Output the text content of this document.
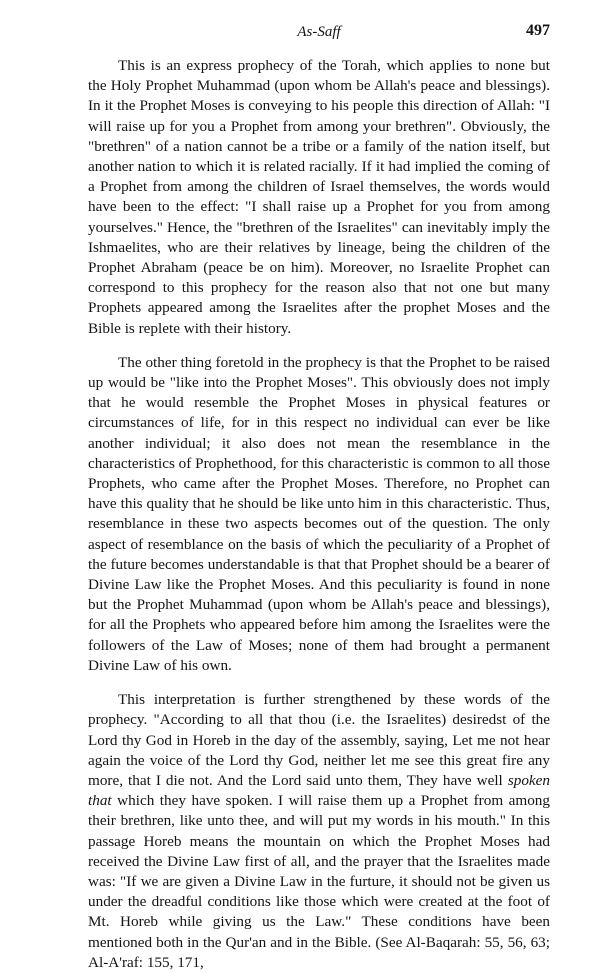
As-Saff	497

This is an express prophecy of the Torah, which applies to none but the Holy Prophet Muhammad (upon whom be Allah's peace and blessings). In it the Prophet Moses is conveying to his people this direction of Allah: "I will raise up for you a Prophet from among your brethren". Obviously, the "brethren" of a nation cannot be a tribe or a family of the nation itself, but another nation to which it is related racially. If it had implied the coming of a Prophet from among the children of Israel themselves, the words would have been to the effect: "I shall raise up a Prophet for you from among yourselves." Hence, the "brethren of the Israelites" can inevitably imply the Ishmaelites, who are their relatives by lineage, being the children of the Prophet Abraham (peace be on him). Moreover, no Israelite Prophet can correspond to this prophecy for the reason also that not one but many Prophets appeared among the Israelites after the prophet Moses and the Bible is replete with their history.

The other thing foretold in the prophecy is that the Prophet to be raised up would be "like into the Prophet Moses". This obviously does not imply that he would resemble the Prophet Moses in physical features or circumstances of life, for in this respect no individual can ever be like another individual; it also does not mean the resemblance in the characteristics of Prophethood, for this characteristic is common to all those Prophets, who came after the Prophet Moses. Therefore, no Prophet can have this quality that he should be like unto him in this characteristic. Thus, resemblance in these two aspects becomes out of the question. The only aspect of resemblance on the basis of which the peculiarity of a Prophet of the future becomes understandable is that that Prophet should be a bearer of Divine Law like the Prophet Moses. And this peculiarity is found in none but the Prophet Muhammad (upon whom be Allah's peace and blessings), for all the Prophets who appeared before him among the Israelites were the followers of the Law of Moses; none of them had brought a permanent Divine Law of his own.

This interpretation is further strengthened by these words of the prophecy. "According to all that thou (i.e. the Israelites) desiredst of the Lord thy God in Horeb in the day of the assembly, saying, Let me not hear again the voice of the Lord thy God, neither let me see this great fire any more, that I die not. And the Lord said unto them, They have well spoken that which they have spoken. I will raise them up a Prophet from among their brethren, like unto thee, and will put my words in his mouth." In this passage Horeb means the mountain on which the Prophet Moses had received the Divine Law first of all, and the prayer that the Israelites made was: "If we are given a Divine Law in the furture, it should not be given us under the dreadful conditions like those which were created at the foot of Mt. Horeb while giving us the Law." These conditions have been mentioned both in the Qur'an and in the Bible. (See Al-Baqarah: 55, 56, 63; Al-A'raf: 155, 171,
